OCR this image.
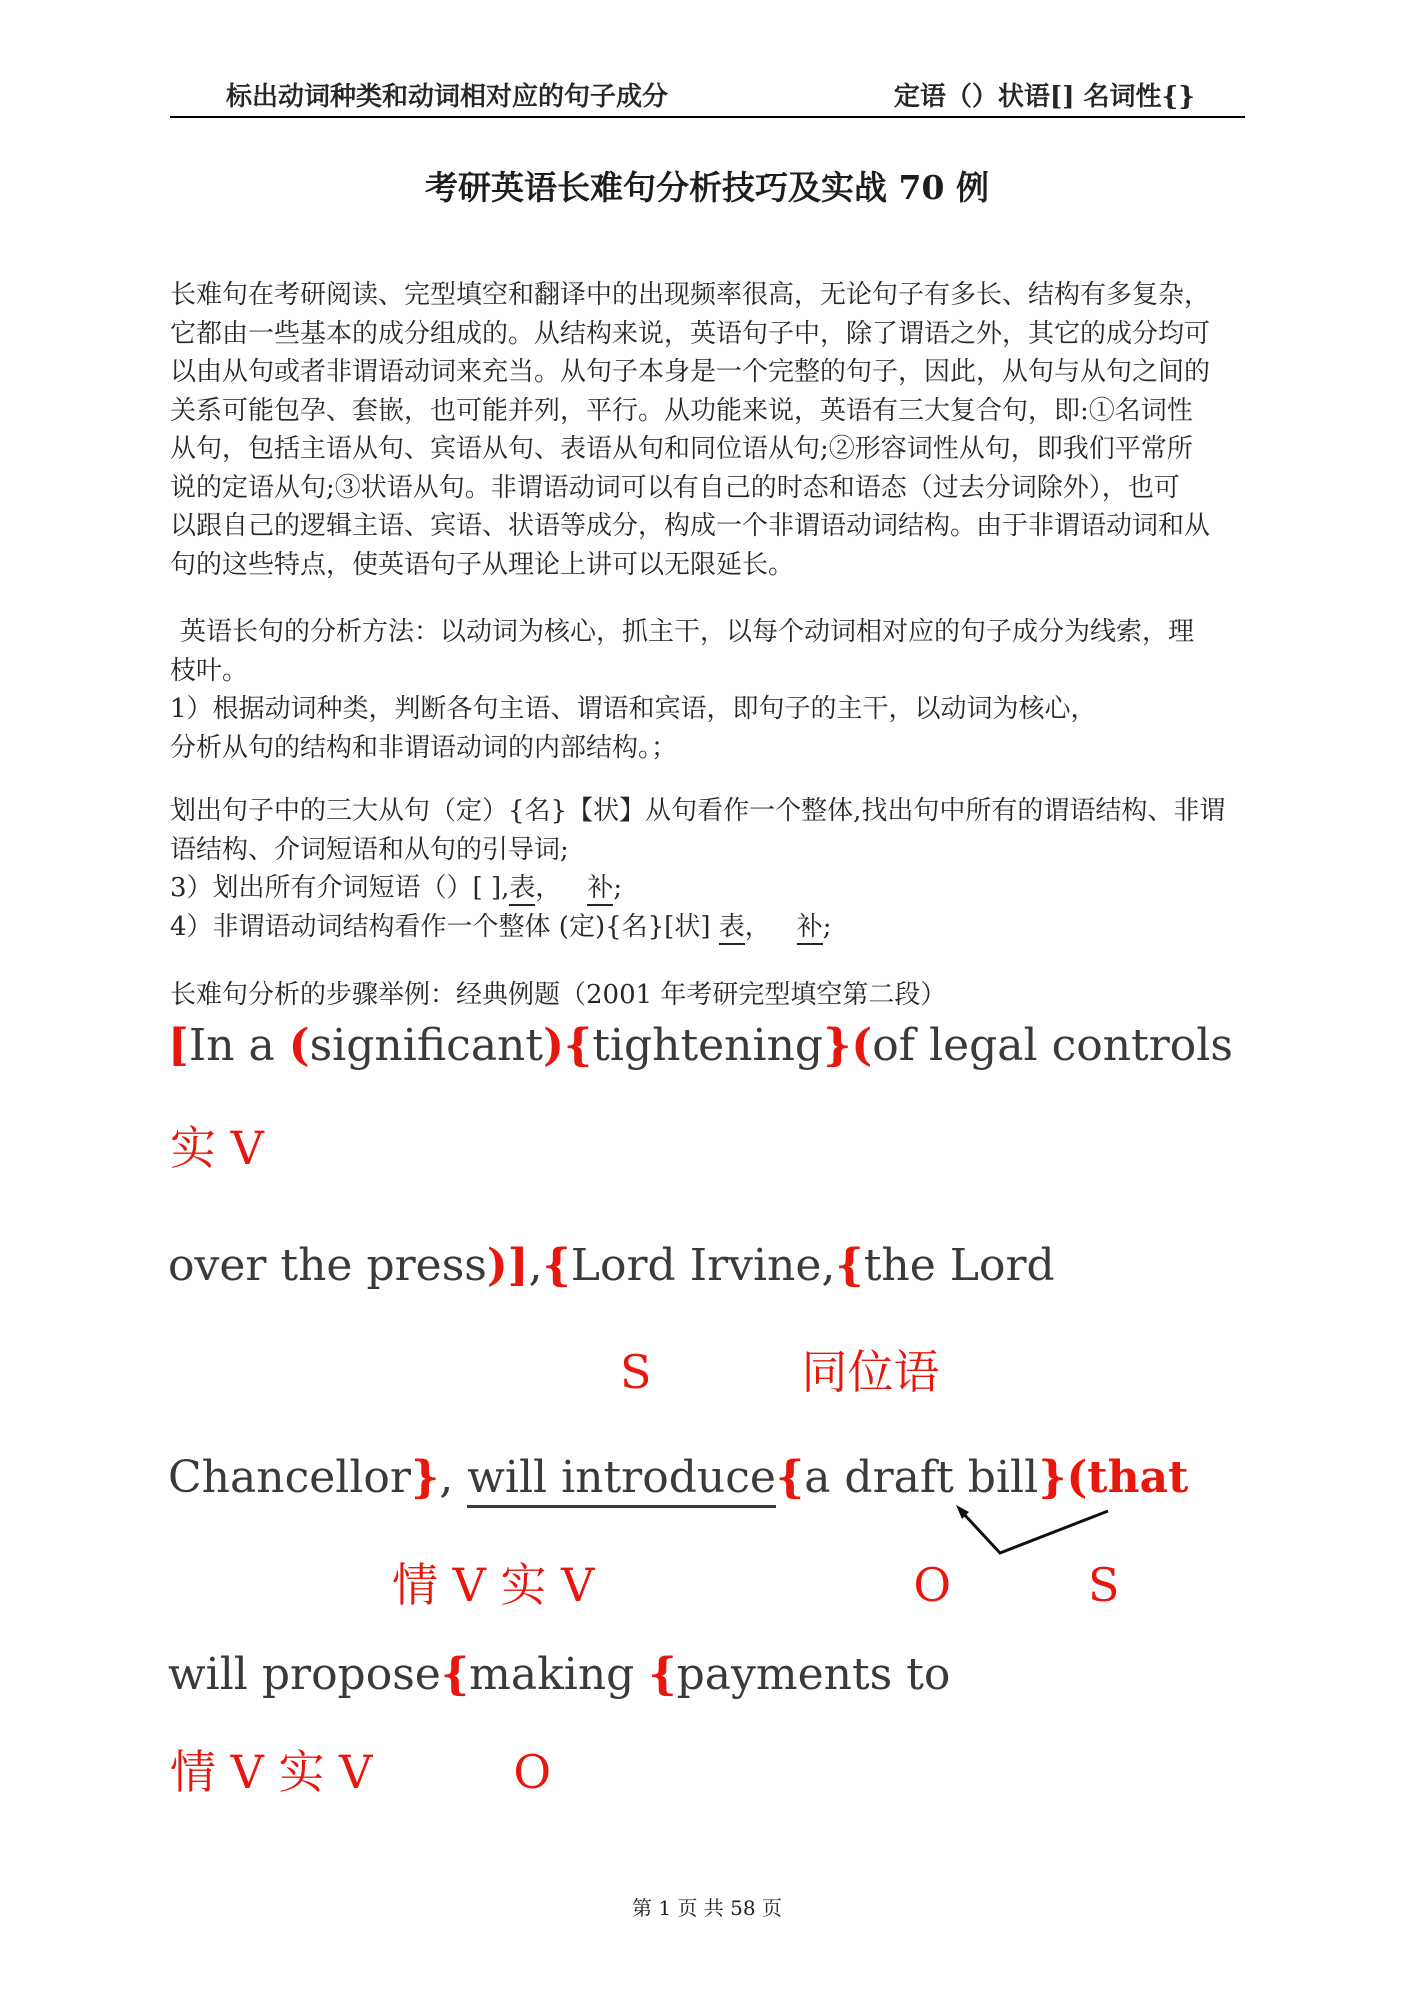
标出动词种类和动词相对应的句子成分	定语（）状语[] 名词性{}
考研英语长难句分析技巧及实战 70 例
长难句在考研阅读、完型填空和翻译中的出现频率很高，无论句子有多长、结构有多复杂，
它都由一些基本的成分组成的。从结构来说，英语句子中，除了谓语之外，其它的成分均可
以由从句或者非谓语动词来充当。从句子本身是一个完整的句子，因此，从句与从句之间的
关系可能包孕、套嵌，也可能并列，平行。从功能来说，英语有三大复合句，即:①名词性
从句，包括主语从句、宾语从句、表语从句和同位语从句;②形容词性从句，即我们平常所
说的定语从句;③状语从句。非谓语动词可以有自己的时态和语态（过去分词除外），也可
以跟自己的逻辑主语、宾语、状语等成分，构成一个非谓语动词结构。由于非谓语动词和从
句的这些特点，使英语句子从理论上讲可以无限延长。
英语长句的分析方法：以动词为核心，抓主干，以每个动词相对应的句子成分为线索，理
枝叶。
1）根据动词种类，判断各句主语、谓语和宾语，即句子的主干，以动词为核心，
分析从句的结构和非谓语动词的内部结构。；
划出句子中的三大从句（定）{名}【状】从句看作一个整体,找出句中所有的谓语结构、非谓
语结构、介词短语和从句的引导词;
3）划出所有介词短语（）[ ],表， 补;
4）非谓语动词结构看作一个整体 (定){名}[状] 表， 补;
长难句分析的步骤举例：经典例题（2001 年考研完型填空第二段）
[In a (significant){tightening}(of legal controls
实 V
over the press)],{Lord Irvine,{the Lord
S	同位语
Chancellor}, will introduce{a draft bill}(that
情 V 实 V	O	S
will propose{making {payments to
情 V 实 V	O
第 1 页 共 58 页
